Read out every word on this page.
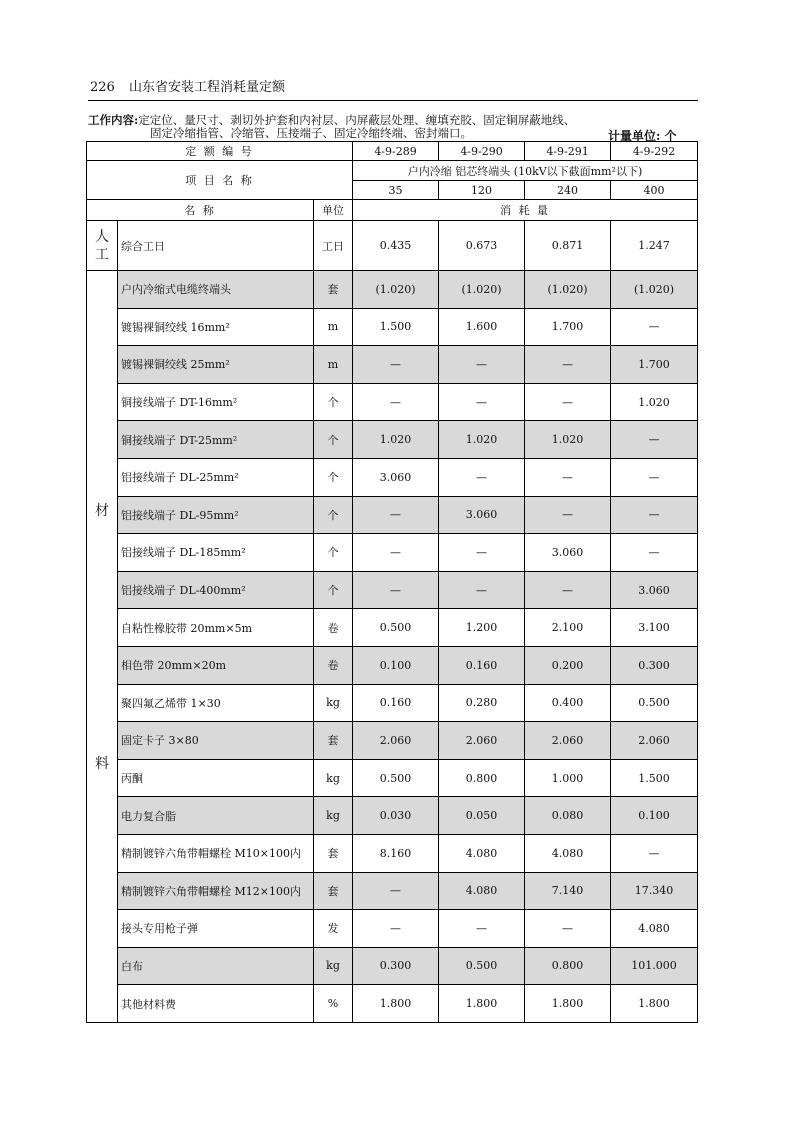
226 山东省安装工程消耗量定额
工作内容:定定位、量尺寸、剥切外护套和内衬层、内屏蔽层处理、缠填充胶、固定铜屏蔽地线、
固定冷缩指管、冷缩管、压接端子、固定冷缩终端、密封端口。	计量单位: 个
定 额 编 号			4-9-289	4-9-290	4-9-291	4-9-292
项 目 名 称			户内冷缩 铝芯终端头 (10kV以下截面mm²以下)			
			35	120	240	400
名 称		单位	消 耗 量			
人
工	综合工日	工日	0.435	0.673	0.871	1.247

材
料	户内冷缩式电缆终端头	套	(1.020)	(1.020)	(1.020)	(1.020)
	镀锡裸铜绞线 16mm²	m	1.500	1.600	1.700	—
	镀锡裸铜绞线 25mm²	m	—	—	—	1.700
	铜接线端子 DT-16mm²	个	—	—	—	1.020
	铜接线端子 DT-25mm²	个	1.020	1.020	1.020	—
	铝接线端子 DL-25mm²	个	3.060	—	—	—
	铝接线端子 DL-95mm²	个	—	3.060	—	—
	铝接线端子 DL-185mm²	个	—	—	3.060	—
	铝接线端子 DL-400mm²	个	—	—	—	3.060
	自粘性橡胶带 20mm×5m	卷	0.500	1.200	2.100	3.100
	相色带 20mm×20m	卷	0.100	0.160	0.200	0.300
	聚四氟乙烯带 1×30	kg	0.160	0.280	0.400	0.500
	固定卡子 3×80	套	2.060	2.060	2.060	2.060
	丙酮	kg	0.500	0.800	1.000	1.500
	电力复合脂	kg	0.030	0.050	0.080	0.100
	精制镀锌六角带帽螺栓 M10×100内	套	8.160	4.080	4.080	—
	精制镀锌六角带帽螺栓 M12×100内	套	—	4.080	7.140	17.340
	接头专用枪子弹	发	—	—	—	4.080
	白布	kg	0.300	0.500	0.800	101.000
	其他材料费	%	1.800	1.800	1.800	1.800
